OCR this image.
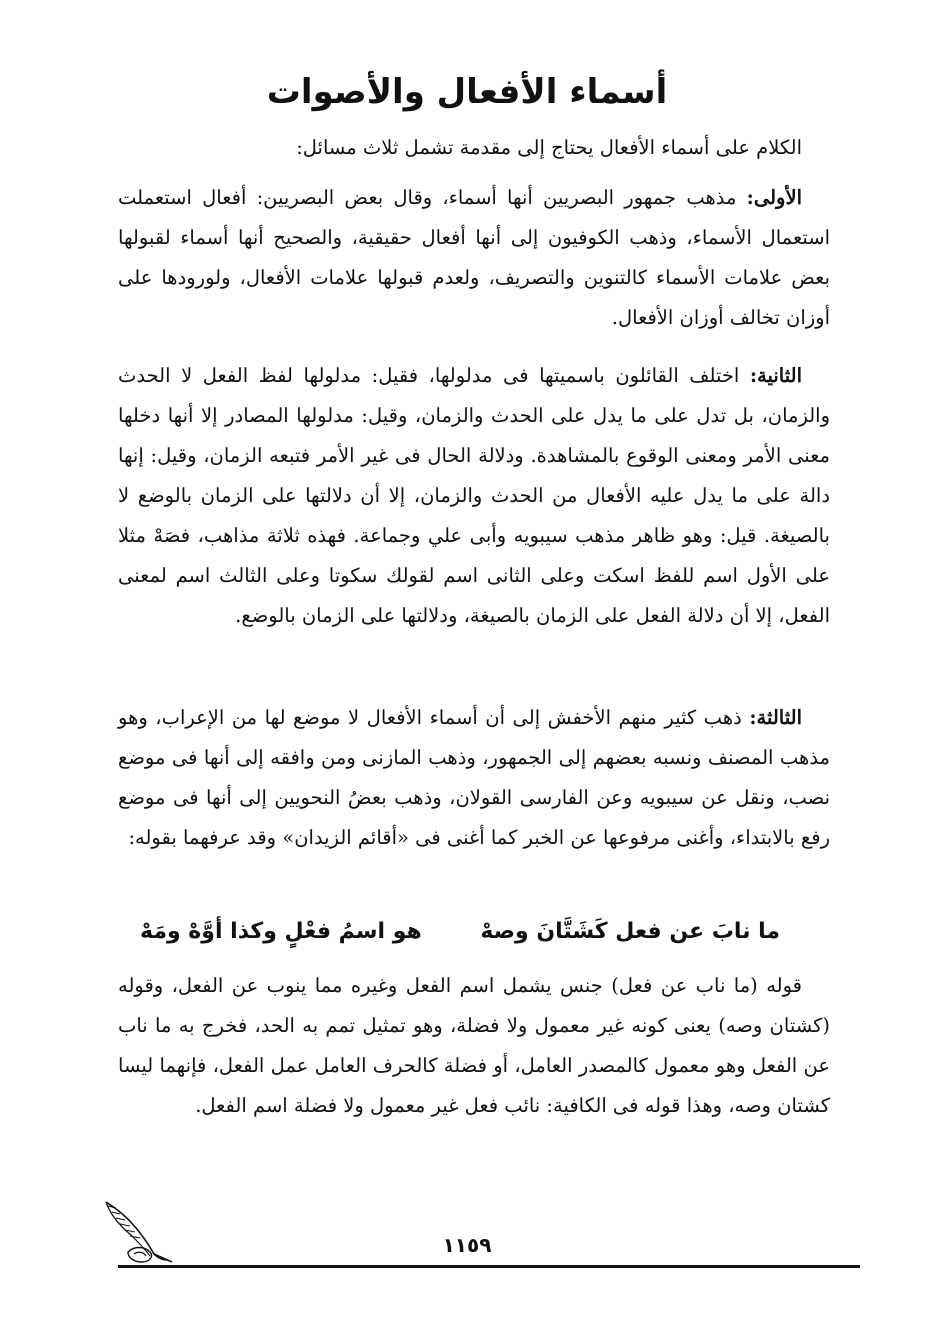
أسماء الأفعال والأصوات
الكلام على أسماء الأفعال يحتاج إلى مقدمة تشمل ثلاث مسائل:
الأولى: مذهب جمهور البصريين أنها أسماء، وقال بعض البصريين: أفعال استعملت استعمال الأسماء، وذهب الكوفيون إلى أنها أفعال حقيقية، والصحيح أنها أسماء لقبولها بعض علامات الأسماء كالتنوين والتصريف، ولعدم قبولها علامات الأفعال، ولورودها على أوزان تخالف أوزان الأفعال.
الثانية: اختلف القائلون باسميتها فى مدلولها، فقيل: مدلولها لفظ الفعل لا الحدث والزمان، بل تدل على ما يدل على الحدث والزمان، وقيل: مدلولها المصادر إلا أنها دخلها معنى الأمر ومعنى الوقوع بالمشاهدة. ودلالة الحال فى غير الأمر فتبعه الزمان، وقيل: إنها دالة على ما يدل عليه الأفعال من الحدث والزمان، إلا أن دلالتها على الزمان بالوضع لا بالصيغة. قيل: وهو ظاهر مذهب سيبويه وأبى علي وجماعة. فهذه ثلاثة مذاهب، فصَهْ مثلا على الأول اسم للفظ اسكت وعلى الثانى اسم لقولك سكوتا وعلى الثالث اسم لمعنى الفعل، إلا أن دلالة الفعل على الزمان بالصيغة، ودلالتها على الزمان بالوضع.
الثالثة: ذهب كثير منهم الأخفش إلى أن أسماء الأفعال لا موضع لها من الإعراب، وهو مذهب المصنف ونسبه بعضهم إلى الجمهور، وذهب المازنى ومن وافقه إلى أنها فى موضع نصب، ونقل عن سيبويه وعن الفارسى القولان، وذهب بعضُ النحويين إلى أنها فى موضع رفع بالابتداء، وأغنى مرفوعها عن الخبر كما أغنى فى «أقائم الزيدان» وقد عرفهما بقوله:
ما نابَ عن فعل كَشَتَّانَ وصهْ
هو اسمُ فعْلٍ وكذا أوَّهْ ومَهْ
قوله (ما ناب عن فعل) جنس يشمل اسم الفعل وغيره مما ينوب عن الفعل، وقوله (كشتان وصه) يعنى كونه غير معمول ولا فضلة، وهو تمثيل تمم به الحد، فخرج به ما ناب عن الفعل وهو معمول كالمصدر العامل، أو فضلة كالحرف العامل عمل الفعل، فإنهما ليسا كشتان وصه، وهذا قوله فى الكافية: نائب فعل غير معمول ولا فضلة اسم الفعل.
١١٥٩
